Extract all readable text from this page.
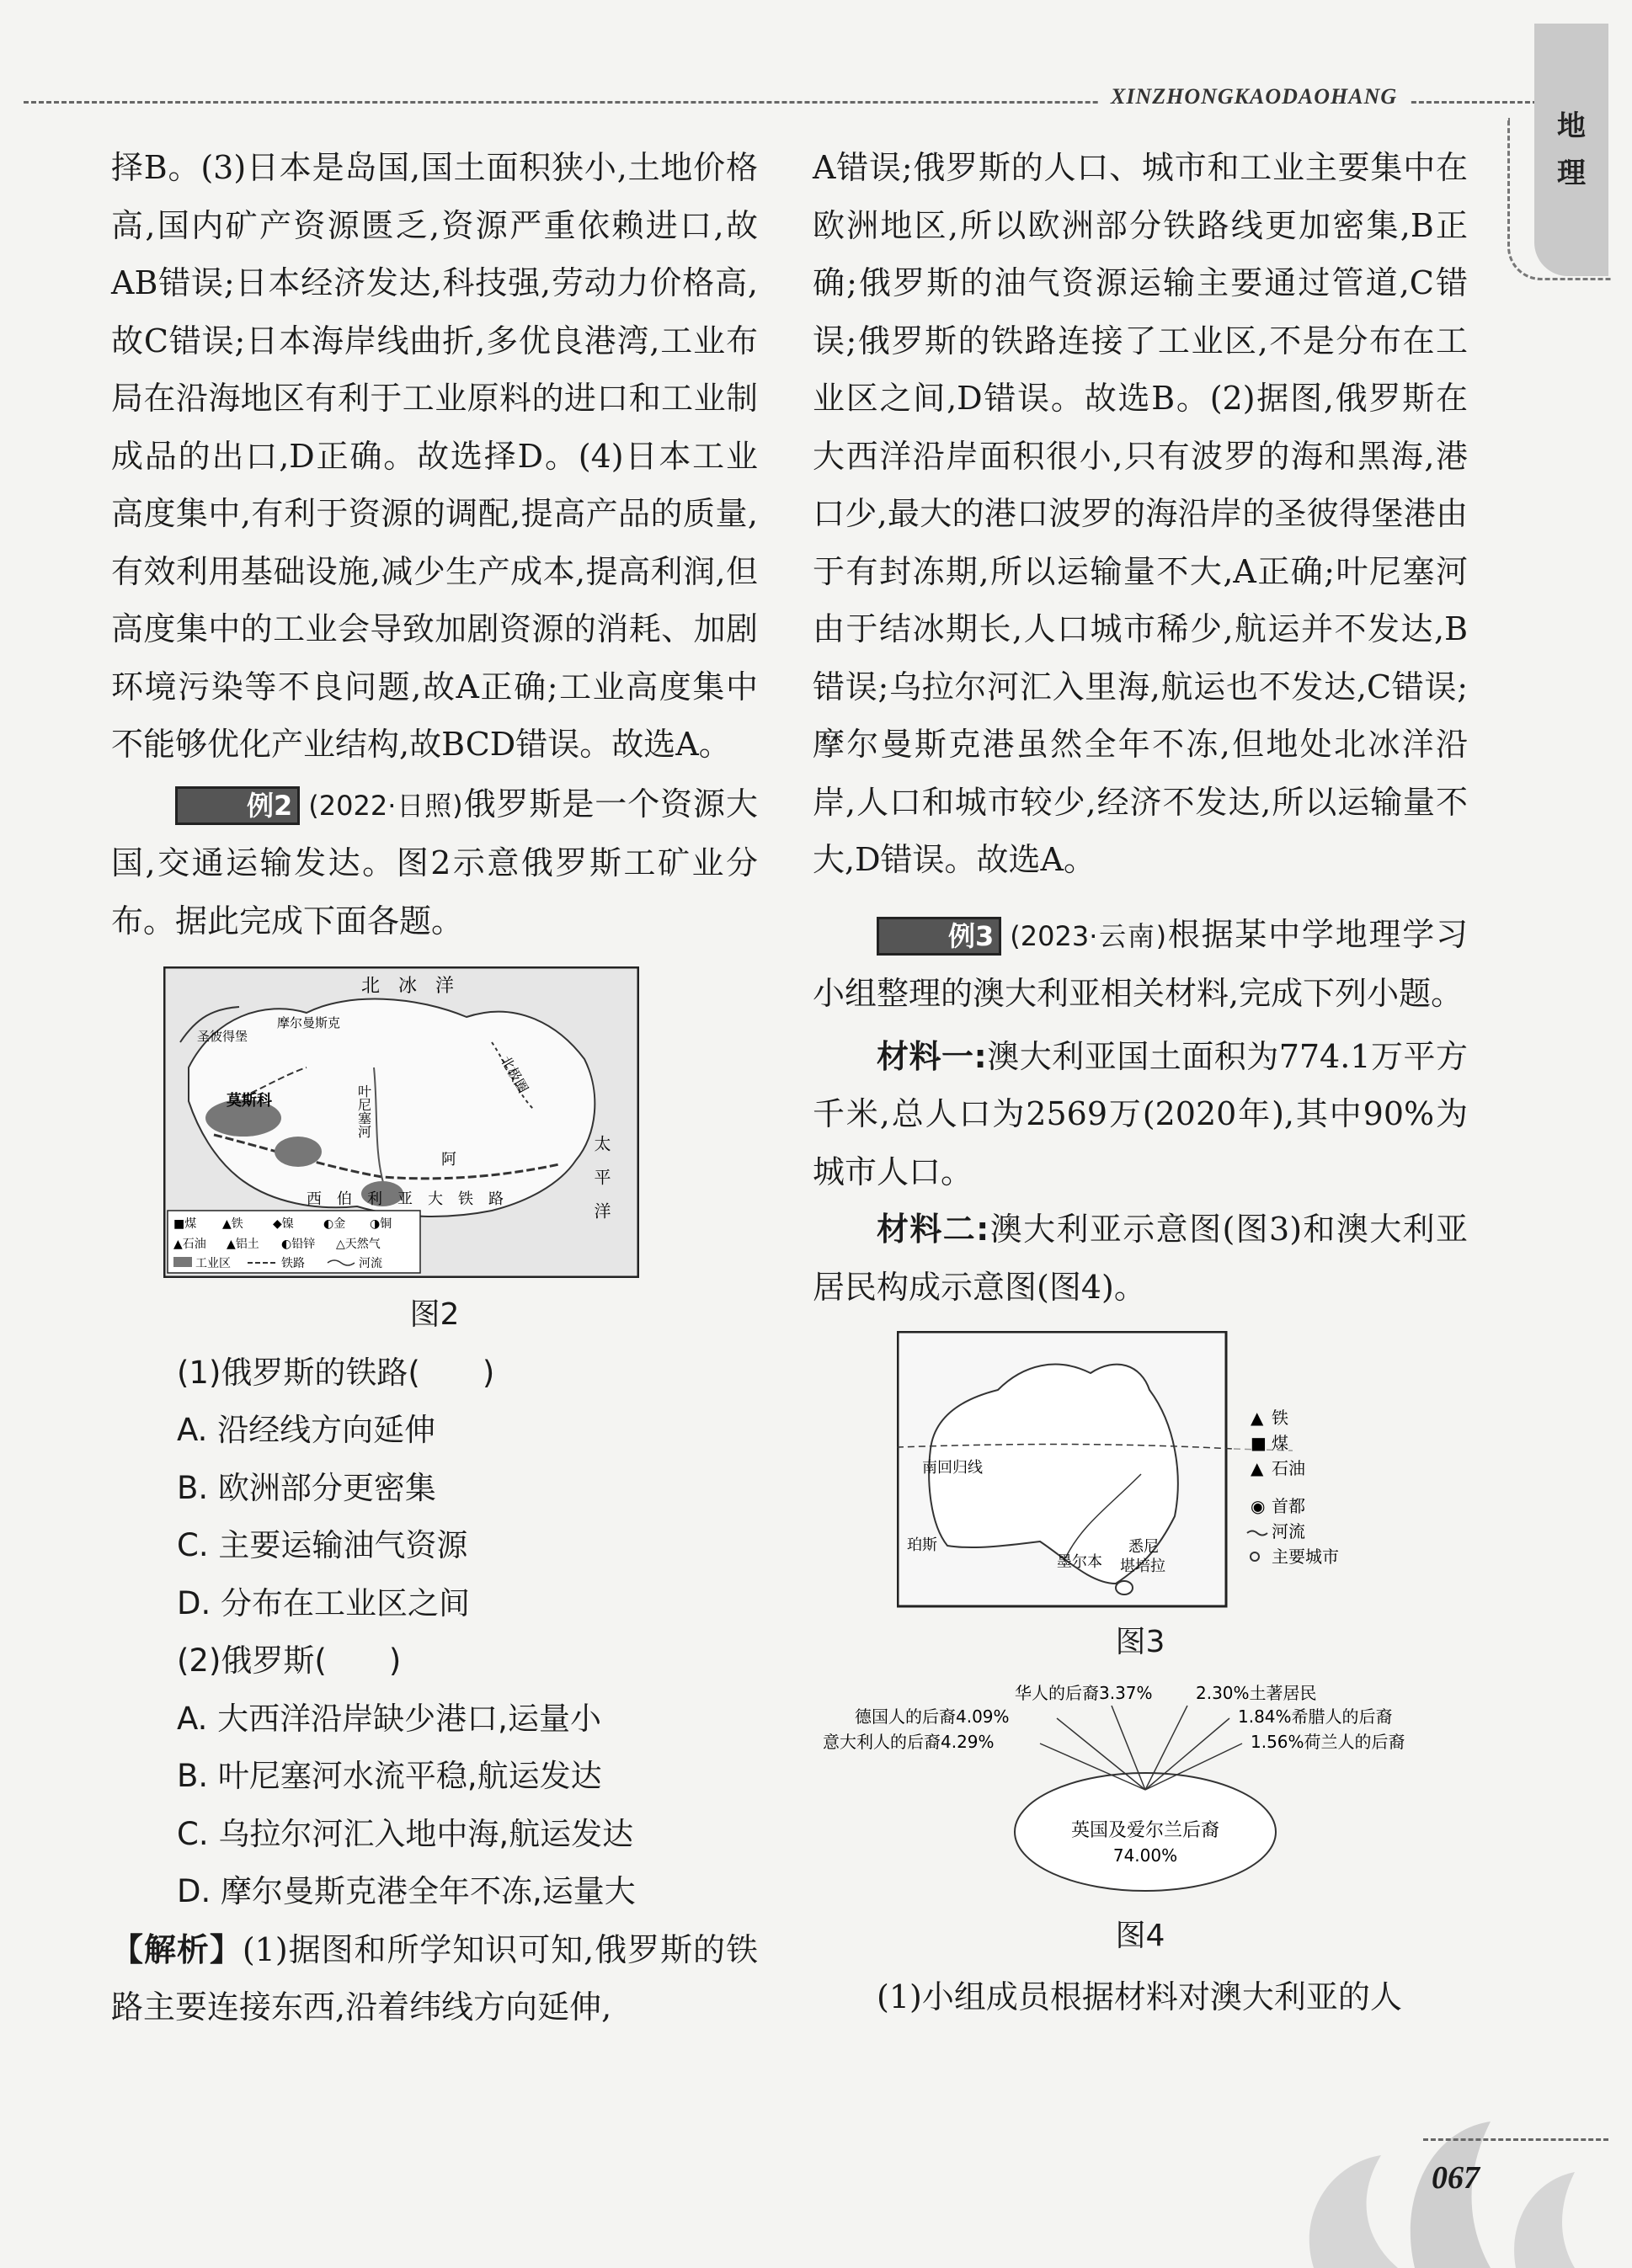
XINZHONGKAODAOHANG
地
理

择B。(3)日本是岛国,国土面积狭小,土地价格高,国内矿产资源匮乏,资源严重依赖进口,故AB错误;日本经济发达,科技强,劳动力价格高,故C错误;日本海岸线曲折,多优良港湾,工业布局在沿海地区有利于工业原料的进口和工业制成品的出口,D正确。故选择D。(4)日本工业高度集中,有利于资源的调配,提高产品的质量,有效利用基础设施,减少生产成本,提高利润,但高度集中的工业会导致加剧资源的消耗、加剧环境污染等不良问题,故A正确;工业高度集中不能够优化产业结构,故BCD错误。故选A。

例2 (2022·日照)俄罗斯是一个资源大国,交通运输发达。图2示意俄罗斯工矿业分布。据此完成下面各题。

北　冰　洋
北极圈
太　平　洋
圣彼得堡
摩尔曼斯克
莫斯科	叶尼塞河
西　伯　利　亚　大　铁　路
阿
■煤 ▲铁	◆镍	◐金 ◑铜
▲石油 ▲铝土 ◐铅锌 △天然气
工业区	铁路	河流

图2

(1)俄罗斯的铁路(　　)

A. 沿经线方向延伸

B. 欧洲部分更密集

C. 主要运输油气资源

D. 分布在工业区之间

(2)俄罗斯(　　)

A. 大西洋沿岸缺少港口,运量小

B. 叶尼塞河水流平稳,航运发达

C. 乌拉尔河汇入地中海,航运发达

D. 摩尔曼斯克港全年不冻,运量大

【解析】(1)据图和所学知识可知,俄罗斯的铁路主要连接东西,沿着纬线方向延伸,

A错误;俄罗斯的人口、城市和工业主要集中在欧洲地区,所以欧洲部分铁路线更加密集,B正确;俄罗斯的油气资源运输主要通过管道,C错误;俄罗斯的铁路连接了工业区,不是分布在工业区之间,D错误。故选B。(2)据图,俄罗斯在大西洋沿岸面积很小,只有波罗的海和黑海,港口少,最大的港口波罗的海沿岸的圣彼得堡港由于有封冻期,所以运输量不大,A正确;叶尼塞河由于结冰期长,人口城市稀少,航运并不发达,B错误;乌拉尔河汇入里海,航运也不发达,C错误;摩尔曼斯克港虽然全年不冻,但地处北冰洋沿岸,人口和城市较少,经济不发达,所以运输量不大,D错误。故选A。

例3 (2023·云南)根据某中学地理学习小组整理的澳大利亚相关材料,完成下列小题。

材料一:澳大利亚国土面积为774.1万平方千米,总人口为2569万(2020年),其中90%为城市人口。

材料二:澳大利亚示意图(图3)和澳大利亚居民构成示意图(图4)。

南回归线
珀斯
墨尔本
悉尼
堪培拉
▲ 铁
■ 煤
▲ 石油
◉ 首都
河流
主要城市

图3

英国及爱尔兰后裔
74.00%
华人的后裔3.37%	2.30%土著居民
德国人的后裔4.09%	1.84%希腊人的后裔
意大利人的后裔4.29%	1.56%荷兰人的后裔

图4

(1)小组成员根据材料对澳大利亚的人

067
